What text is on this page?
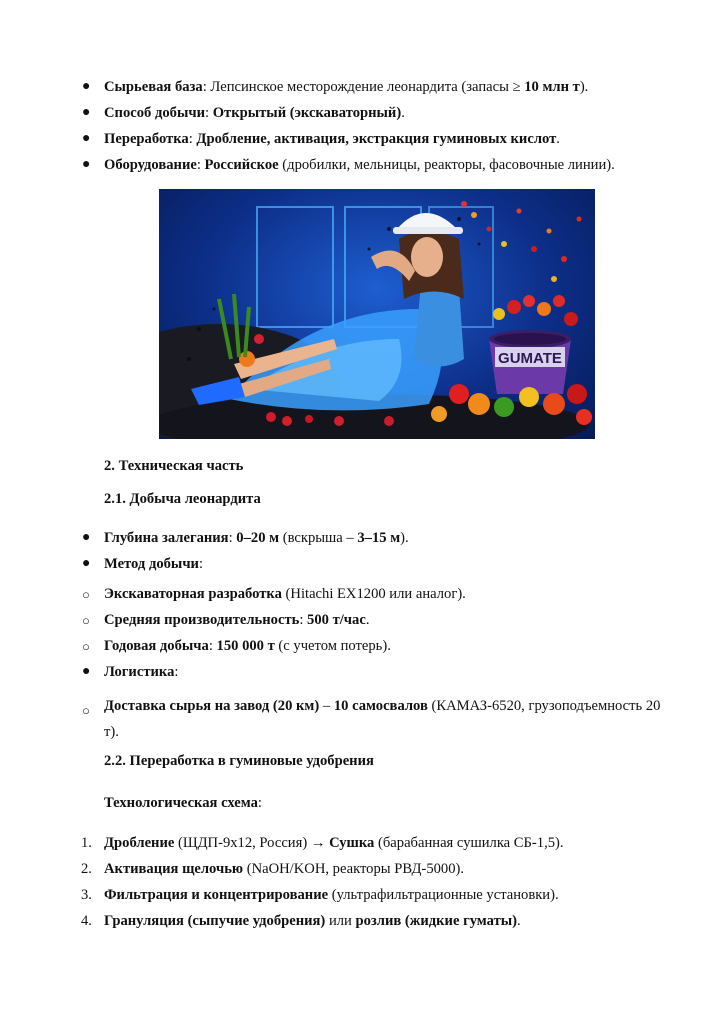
● Сырьевая база: Лепсинское месторождение леонардита (запасы ≥ 10 млн т).
● Способ добычи: Открытый (экскаваторный).
● Переработка: Дробление, активация, экстракция гуминовых кислот.
● Оборудование: Российское (дробилки, мельницы, реакторы, фасовочные линии).
GUMATE
2. Техническая часть
2.1. Добыча леонардита
● Глубина залегания: 0–20 м (вскрыша – 3–15 м).
● Метод добычи:
○ Экскаваторная разработка (Hitachi EX1200 или аналог).
○ Средняя производительность: 500 т/час.
○ Годовая добыча: 150 000 т (с учетом потерь).
● Логистика:
○ Доставка сырья на завод (20 км) – 10 самосвалов (КАМАЗ-6520, грузоподъемность 20 т).
2.2. Переработка в гуминовые удобрения
Технологическая схема:
1. Дробление (ЩДП-9х12, Россия) → Сушка (барабанная сушилка СБ-1,5).
2. Активация щелочью (NaOH/KOH, реакторы РВД-5000).
3. Фильтрация и концентрирование (ультрафильтрационные установки).
4. Грануляция (сыпучие удобрения) или розлив (жидкие гуматы).
